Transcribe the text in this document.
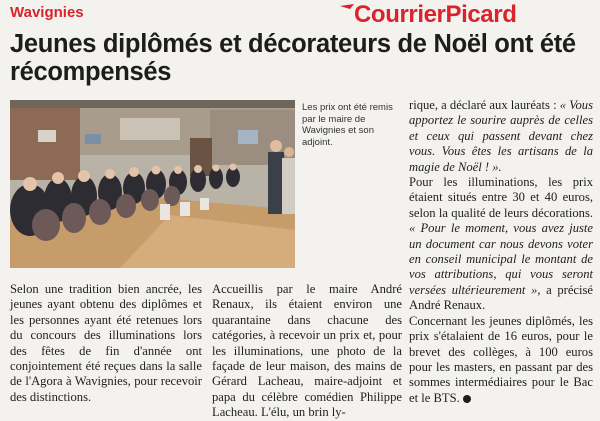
Wavignies	CourrierPicard
Jeunes diplômés et décorateurs de Noël ont été récompensés
Les prix ont été remis par le maire de Wavignies et son adjoint.

Selon une tradition bien ancrée, les jeunes ayant obtenu des diplômes et les personnes ayant été retenues lors du concours des illuminations lors des fêtes de fin d'année ont conjointement été reçues dans la salle de l'Agora à Wavignies, pour recevoir des distinctions.

Accueillis par le maire André Renaux, ils étaient environ une quarantaine dans chacune des catégories, à recevoir un prix et, pour les illuminations, une photo de la façade de leur maison, des mains de Gérard Lacheau, maire-adjoint et papa du célèbre comédien Philippe Lacheau. L'élu, un brin ly-

rique, a déclaré aux lauréats : « Vous apportez le sourire auprès de celles et ceux qui passent devant chez vous. Vous êtes les artisans de la magie de Noël ! ».

Pour les illuminations, les prix étaient situés entre 30 et 40 euros, selon la qualité de leurs décorations. « Pour le moment, vous avez juste un document car nous devons voter en conseil municipal le montant de vos attributions, qui vous seront versées ultérieurement », a précisé André Renaux.

Concernant les jeunes diplômés, les prix s'étalaient de 16 euros, pour le brevet des collèges, à 100 euros pour les masters, en passant par des sommes intermédiaires pour le Bac et le BTS.
